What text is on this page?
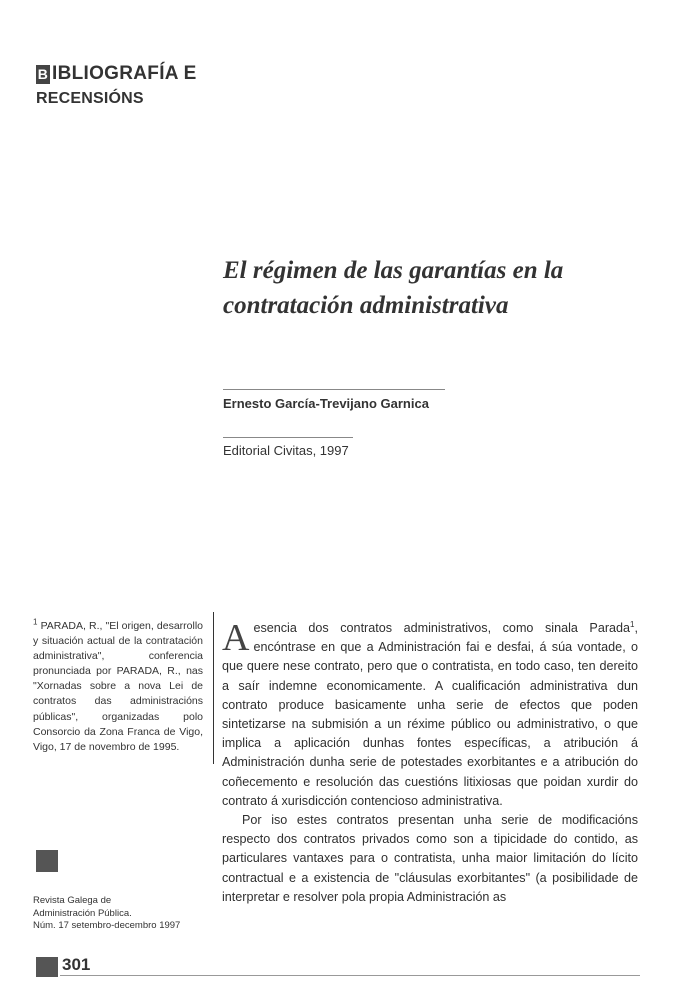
B IBLIOGRAFÍA E
RECENSIÓNS
El régimen de las garantías en la contratación administrativa
Ernesto García-Trevijano Garnica
Editorial Civitas, 1997
$^1$ PARADA, R., "El origen, desarrollo y situación actual de la contratación administrativa", conferencia pronunciada por PARADA, R., nas "Xornadas sobre a nova Lei de contratos das administracións públicas", organizadas polo Consorcio da Zona Franca de Vigo, Vigo, 17 de novembro de 1995.

A esencia dos contratos administrativos, como sinala Parada$^1$, encóntrase en que a Administración fai e desfai, á súa vontade, o que quere nese contrato, pero que o contratista, en todo caso, ten dereito a saír indemne economicamente. A cualificación administrativa dun contrato produce basicamente unha serie de efectos que poden sintetizarse na submisión a un réxime público ou administrativo, o que implica a aplicación dunhas fontes específicas, a atribución á Administración dunha serie de potestades exorbitantes e a atribución do coñecemento e resolución das cuestións litixiosas que poidan xurdir do contrato á xurisdicción contencioso administrativa.

Por iso estes contratos presentan unha serie de modificacións respecto dos contratos privados como son a tipicidade do contido, as particulares vantaxes para o contratista, unha maior limitación do lícito contractual e a existencia de "cláusulas exorbitantes" (a posibilidade de interpretar e resolver pola propia Administración as

Revista Galega de
Administración Pública.
Núm. 17 setembro-decembro 1997
301
